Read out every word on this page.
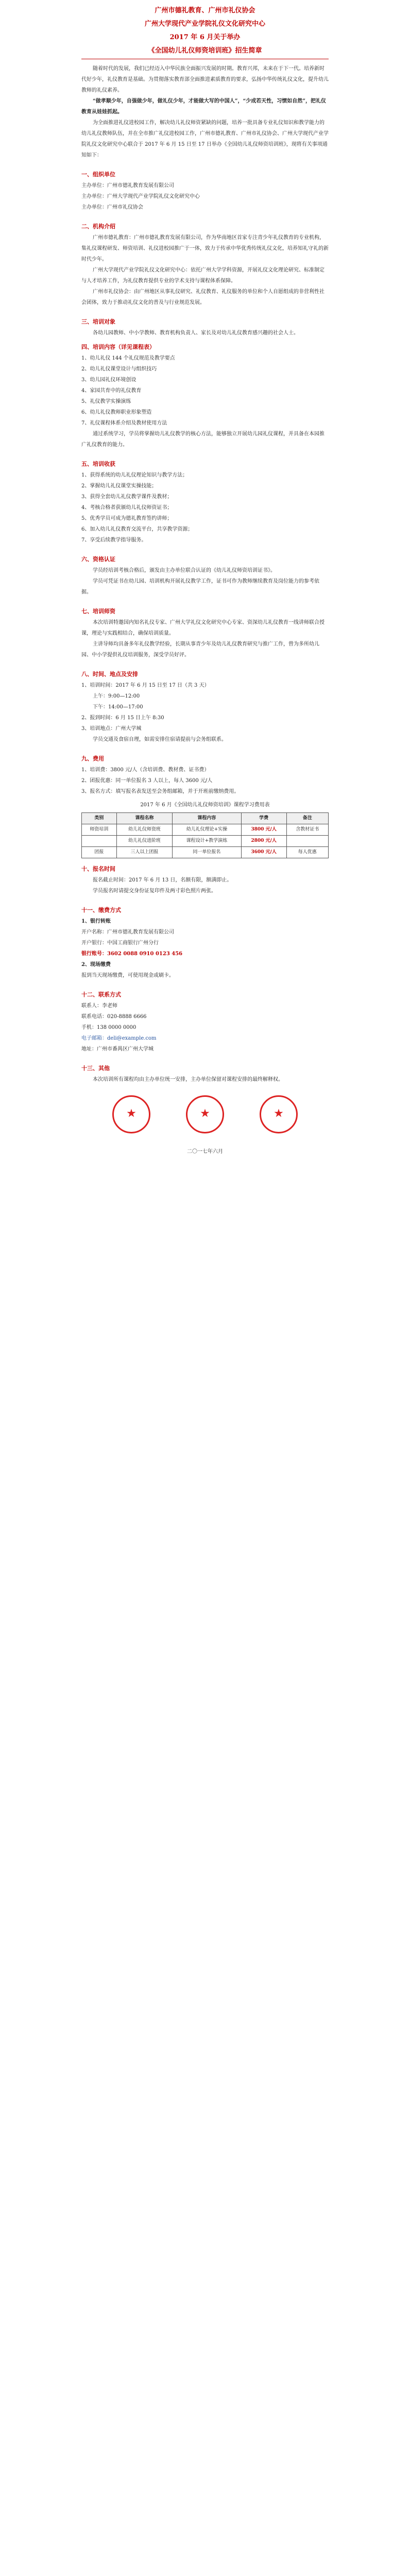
广州市德礼教育、广州市礼仪协会
广州大学现代产业学院礼仪文化研究中心
2017 年 6 月关于举办
《全国幼儿礼仪师资培训班》招生简章

随着时代的发展，我们已经迈入中华民族全面振兴发展的时期。教育兴邦，未来在于下一代。培养新时代好少年，礼仪教育是基础。为贯彻落实教育部全面推进素质教育的要求，弘扬中华传统礼仪文化，提升幼儿教师的礼仪素养。

“做孝顺少年，自强做少年，做礼仪少年，才能做大写的中国人”，“少成若天性，习惯如自然”，把礼仪教育从娃娃抓起。

为全面推进礼仪进校园工作，解决幼儿礼仪师资紧缺的问题，培养一批具备专业礼仪知识和教学能力的幼儿礼仪教师队伍，并在全市推广礼仪进校园工作，广州市德礼教育、广州市礼仪协会、广州大学现代产业学院礼仪文化研究中心联合于 2017 年 6 月 15 日至 17 日举办《全国幼儿礼仪师资培训班》，现将有关事项通知如下：

一、组织单位

主办单位：广州市德礼教育发展有限公司

主办单位：广州大学现代产业学院礼仪文化研究中心

主办单位：广州市礼仪协会

二、机构介绍

广州市德礼教育：广州市德礼教育发展有限公司，作为华南地区首家专注青少年礼仪教育的专业机构，集礼仪课程研发、师资培训、礼仪进校园推广于一体，致力于传承中华优秀传统礼仪文化，培养知礼守礼的新时代少年。

广州大学现代产业学院礼仪文化研究中心：依托广州大学学科资源，开展礼仪文化理论研究、标准制定与人才培养工作，为礼仪教育提供专业的学术支持与课程体系保障。

广州市礼仪协会：由广州地区从事礼仪研究、礼仪教育、礼仪服务的单位和个人自愿组成的非营利性社会团体，致力于推动礼仪文化的普及与行业规范发展。

三、培训对象

各幼儿园教师、中小学教师、教育机构负责人、家长及对幼儿礼仪教育感兴趣的社会人士。

四、培训内容（详见课程表）

1、幼儿礼仪 144 个礼仪规范及教学要点

2、幼儿礼仪课堂设计与组织技巧

3、幼儿园礼仪环境创设

4、家园共育中的礼仪教育

5、礼仪教学实操演练

6、幼儿礼仪教师职业形象塑造

7、礼仪课程体系介绍及教材使用方法

通过系统学习，学员将掌握幼儿礼仪教学的核心方法，能够独立开展幼儿园礼仪课程，并具备在本园推广礼仪教育的能力。

五、培训收获

1、获得系统的幼儿礼仪理论知识与教学方法；

2、掌握幼儿礼仪课堂实操技能；

3、获得全套幼儿礼仪教学课件及教材；

4、考核合格者获颁幼儿礼仪师资证书；

5、优秀学员可成为德礼教育签约讲师；

6、加入幼儿礼仪教育交流平台，共享教学资源；

7、享受后续教学指导服务。

六、资格认证

学员经培训考核合格后，颁发由主办单位联合认证的《幼儿礼仪师资培训证书》。

学员可凭证书在幼儿园、培训机构开展礼仪教学工作，证书可作为教师继续教育及岗位能力的参考依据。

七、培训师资

本次培训特邀国内知名礼仪专家、广州大学礼仪文化研究中心专家、资深幼儿礼仪教育一线讲师联合授课，理论与实践相结合，确保培训质量。

主讲导师均具备多年礼仪教学经验，长期从事青少年及幼儿礼仪教育研究与推广工作，曾为多所幼儿园、中小学提供礼仪培训服务，深受学员好评。

八、时间、地点及安排

1、培训时间：2017 年 6 月 15 日至 17 日（共 3 天）

上午：9:00—12:00

下午：14:00—17:00

2、报到时间：6 月 15 日上午 8:30

3、培训地点：广州大学城

学员交通及食宿自理，如需安排住宿请提前与会务组联系。

九、费用

1、培训费：3800 元/人（含培训费、教材费、证书费）

2、团报优惠：同一单位报名 3 人以上，每人 3600 元/人

3、报名方式：填写报名表发送至会务组邮箱，并于开班前缴纳费用。

2017 年 6 月《全国幼儿礼仪师资培训》课程学习费用表
类别	课程名称	课程内容	学费	备注
师资培训	幼儿礼仪师资班	幼儿礼仪理论+实操	3800 元/人	含教材证书
	幼儿礼仪进阶班	课程设计+教学演练	2800 元/人	
团报	三人以上团报	同一单位报名	3600 元/人	每人优惠
十、报名时间

报名截止时间：2017 年 6 月 13 日，名额有限，额满即止。

学员报名时请提交身份证复印件及两寸彩色照片两张。

十一、缴费方式

1、银行转账

开户名称：广州市德礼教育发展有限公司

开户银行：中国工商银行广州分行

银行账号：3602 0088 0910 0123 456

2、现场缴费

报到当天现场缴费，可使用现金或刷卡。

十二、联系方式

联系人：李老师

联系电话：020-8888 6666

手机：138 0000 0000

电子邮箱：deli@example.com

地址：广州市番禺区广州大学城

十三、其他

本次培训所有课程均由主办单位统一安排，主办单位保留对课程安排的最终解释权。

★	★	★
二〇一七年六月
